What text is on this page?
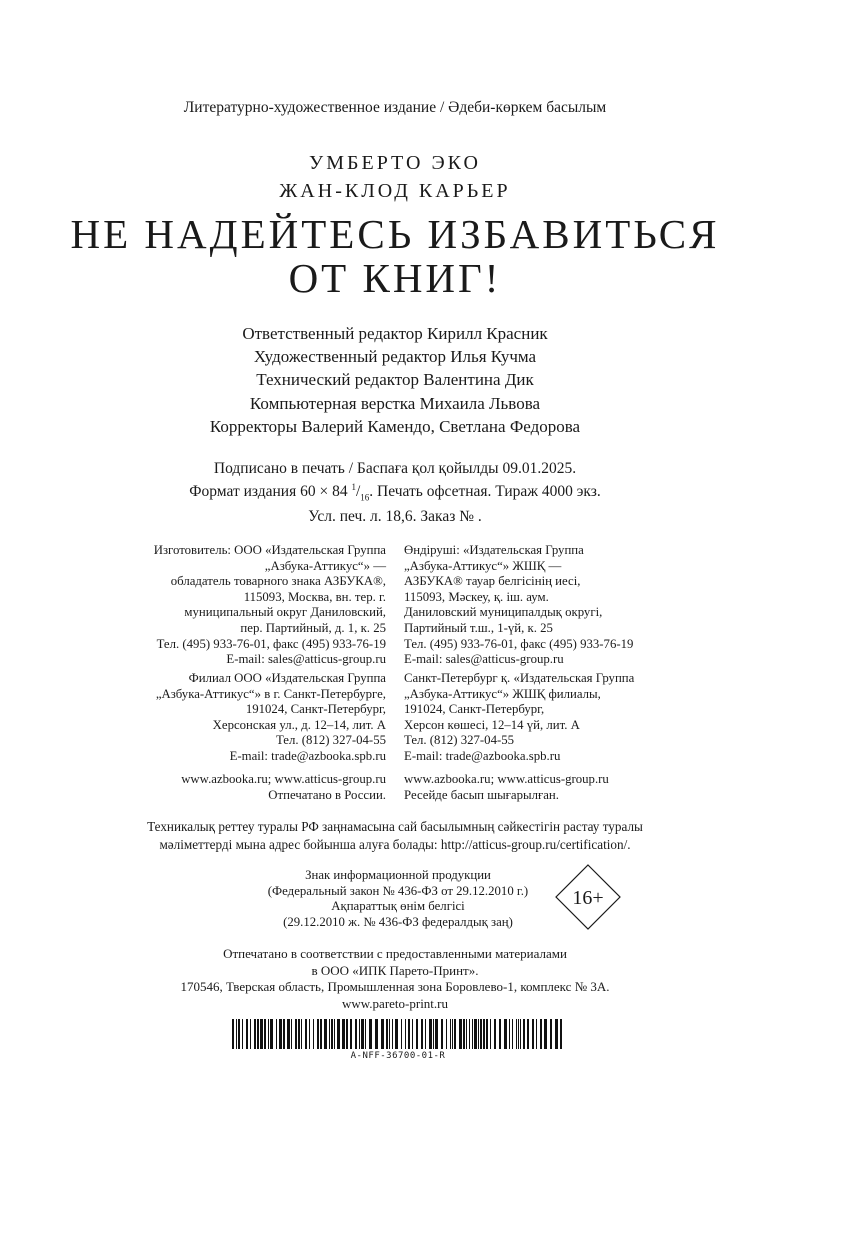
Литературно-художественное издание / Әдеби-көркем басылым
УМБЕРТО ЭКО
ЖАН-КЛОД КАРЬЕР
НЕ НАДЕЙТЕСЬ ИЗБАВИТЬСЯ
ОТ КНИГ!
Ответственный редактор Кирилл Красник
Художественный редактор Илья Кучма
Технический редактор Валентина Дик
Компьютерная верстка Михаила Львова
Корректоры Валерий Камендо, Светлана Федорова
Подписано в печать / Баспаға қол қойылды 09.01.2025.
Формат издания 60 × 84 $^1/_{16}$. Печать офсетная. Тираж 4000 экз.
Усл. печ. л. 18,6. Заказ № .
Изготовитель: ООО «Издательская Группа
„Азбука-Аттикус“» —
обладатель товарного знака АЗБУКА®,
115093, Москва, вн. тер. г.
муниципальный округ Даниловский,
пер. Партийный, д. 1, к. 25
Тел. (495) 933-76-01, факс (495) 933-76-19
E-mail: sales@atticus-group.ru
Филиал ООО «Издательская Группа
„Азбука-Аттикус“» в г. Санкт-Петербурге,
191024, Санкт-Петербург,
Херсонская ул., д. 12–14, лит. А
Тел. (812) 327-04-55
E-mail: trade@azbooka.spb.ru
www.azbooka.ru; www.atticus-group.ru
Отпечатано в России.
Өндіруші: «Издательская Группа
„Азбука-Аттикус“» ЖШҚ —
АЗБУКА® тауар белгісінің иесі,
115093, Мәскеу, қ. іш. аум.
Даниловский муниципалдық округі,
Партийный т.ш., 1-үй, к. 25
Тел. (495) 933-76-01, факс (495) 933-76-19
E-mail: sales@atticus-group.ru
Санкт-Петербург қ. «Издательская Группа
„Азбука-Аттикус“» ЖШҚ филиалы,
191024, Санкт-Петербург,
Херсон көшесі, 12–14 үй, лит. А
Тел. (812) 327-04-55
E-mail: trade@azbooka.spb.ru
www.azbooka.ru; www.atticus-group.ru
Ресейде басып шығарылған.
Техникалық реттеу туралы РФ заңнамасына сай басылымның сәйкестігін растау туралы
мәліметтерді мына адрес бойынша алуға болады: http://atticus-group.ru/certification/.
Знак информационной продукции
(Федеральный закон № 436-ФЗ от 29.12.2010 г.)
Ақпараттық өнім белгісі
(29.12.2010 ж. № 436-ФЗ федералдық заң)
16+
Отпечатано в соответствии с предоставленными материалами
в ООО «ИПК Парето-Принт».
170546, Тверская область, Промышленная зона Боровлево-1, комплекс № 3А.
www.pareto-print.ru
A-NFF-36700-01-R
